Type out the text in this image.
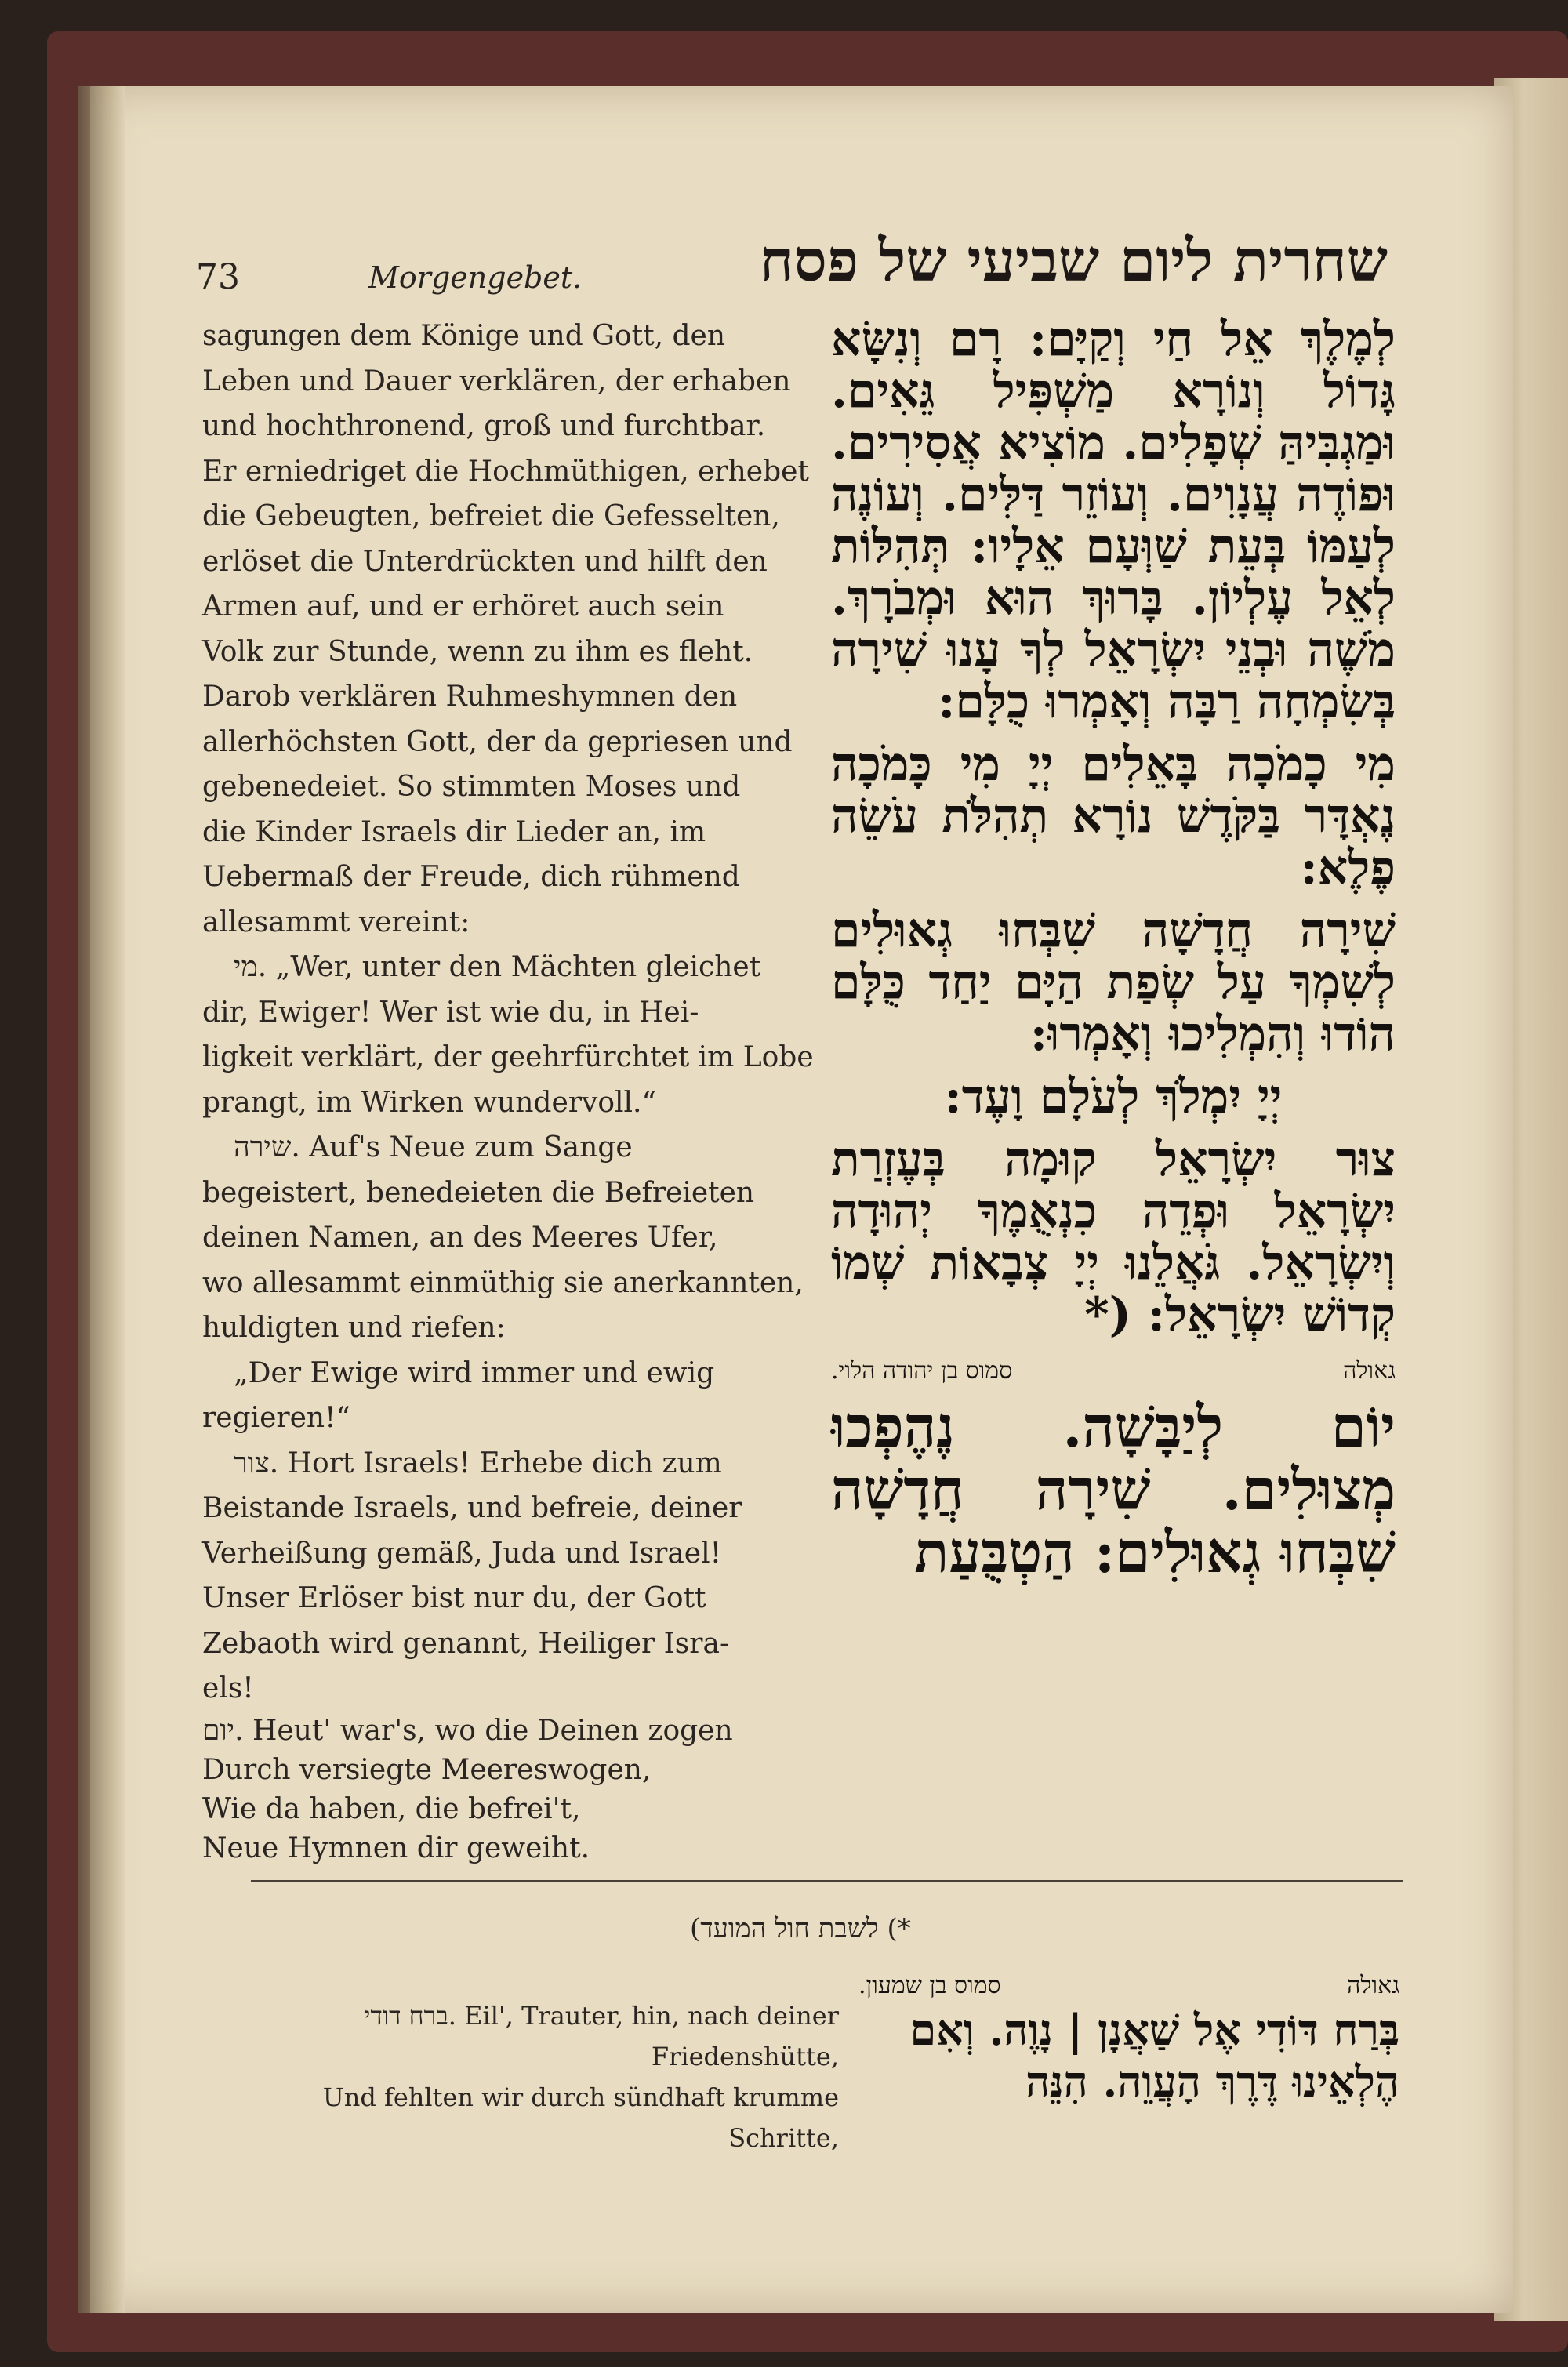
73	Morgengebet.	שחרית ליום שביעי של פסח

sagungen dem Könige und Gott, den

Leben und Dauer verklären, der erhaben

und hochthronend, groß und furchtbar.

Er erniedriget die Hochmüthigen, erhebet

die Gebeugten, befreiet die Gefesselten,

erlöset die Unterdrückten und hilft den

Armen auf, und er erhöret auch sein

Volk zur Stunde, wenn zu ihm es fleht.

Darob verklären Ruhmeshymnen den

allerhöchsten Gott, der da gepriesen und

gebenedeiet. So stimmten Moses und

die Kinder Israels dir Lieder an, im

Uebermaß der Freude, dich rühmend

allesammt vereint:

מי. „Wer, unter den Mächten gleichet

dir, Ewiger! Wer ist wie du, in Hei-

ligkeit verklärt, der geehrfürchtet im Lobe

prangt, im Wirken wundervoll.“

שירה. Auf's Neue zum Sange

begeistert, benedeieten die Befreieten

deinen Namen, an des Meeres Ufer,

wo allesammt einmüthig sie anerkannten,

huldigten und riefen:

„Der Ewige wird immer und ewig

regieren!“

צור. Hort Israels! Erhebe dich zum

Beistande Israels, und befreie, deiner

Verheißung gemäß, Juda und Israel!

Unser Erlöser bist nur du, der Gott

Zebaoth wird genannt, Heiliger Isra-

els!

יום. Heut' war's, wo die Deinen zogen

Durch versiegte Meereswogen,

Wie da haben, die befrei't,

Neue Hymnen dir geweiht.

לְמֶלֶךְ אֵל חַי וְקַיָּם: רָם וְנִשָּׂא גָּדוֹל וְנוֹרָא מַשְׁפִּיל גֵּאִים. וּמַגְבִּיהַּ שְׁפָלִים. מוֹצִיא אֲסִירִים. וּפוֹדֶה עֲנָוִים. וְעוֹזֵר דַּלִּים. וְעוֹנֶה לְעַמּוֹ בְּעֵת שַׁוְּעָם אֵלָיו: תְּהִלּוֹת לְאֵל עֶלְיוֹן. בָּרוּךְ הוּא וּמְבֹרָךְ. מֹשֶׁה וּבְנֵי יִשְׂרָאֵל לְךָ עָנוּ שִׁירָה בְּשִׂמְחָה רַבָּה וְאָמְרוּ כֻלָּם:

מִי כָמֹכָה בָּאֵלִים יְיָ מִי כָּמֹכָה נֶאְדָּר בַּקֹּדֶשׁ נוֹרָא תְהִלֹּת עֹשֵׂה פֶלֶא:

שִׁירָה חֲדָשָׁה שִׁבְּחוּ גְאוּלִים לְשִׁמְךָ עַל שְׂפַת הַיָּם יַחַד כֻּלָּם הוֹדוּ וְהִמְלִיכוּ וְאָמְרוּ:

יְיָ יִמְלֹךְ לְעֹלָם וָעֶד:

צוּר יִשְׂרָאֵל קוּמָה בְּעֶזְרַת יִשְׂרָאֵל וּפְדֵה כִנְאֻמֶךָ יְהוּדָה וְיִשְׂרָאֵל. גֹּאֲלֵנוּ יְיָ צְבָאוֹת שְׁמוֹ קְדוֹשׁ יִשְׂרָאֵל: (*

גאולה
סמוס בן יהודה הלוי.

יוֹם לְיַבָּשָׁה. נֶהֶפְכוּ מְצוּלִים. שִׁירָה חֲדָשָׁה שִׁבְּחוּ גְאוּלִים: הַטְבֻּעַת

*) לשבת חול המועד)
ברח דודי. Eil', Trauter, hin, nach deiner
Friedenshütte,
Und fehlten wir durch sündhaft krumme
Schritte,
גאולה
סמוס בן שמעון.
בְּרַח דּוֹדִי אֶל שַׁאֲנָן | נָוֶה. וְאִם הֶלְאֵינוּ דֶּרֶךְ הָעֲוֵה. הִנֵּה
